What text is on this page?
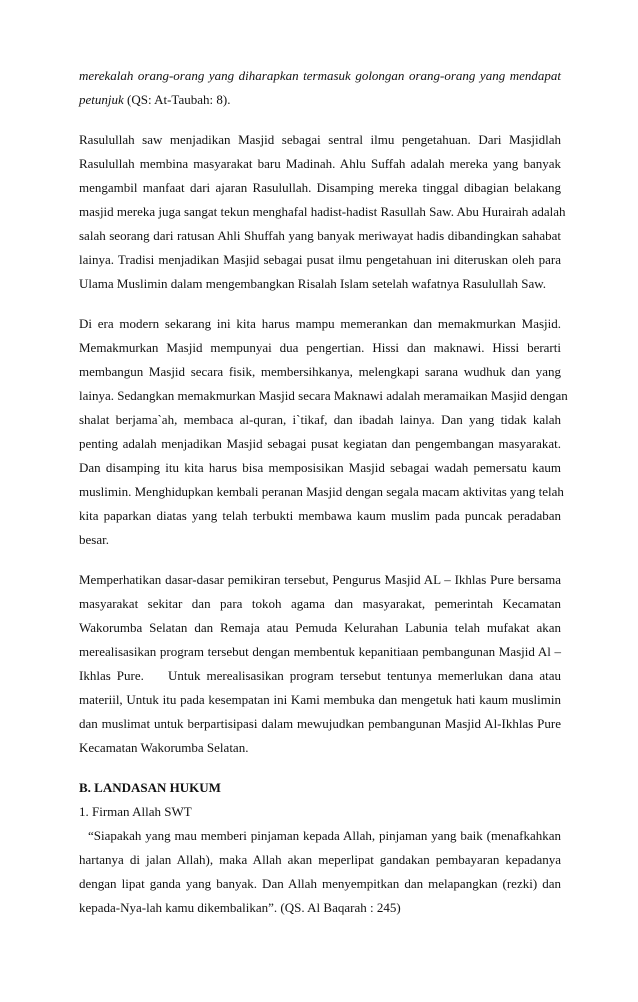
merekalah orang-orang yang diharapkan termasuk golongan orang-orang yang mendapat
petunjuk (QS: At-Taubah: 8).
Rasulullah saw menjadikan Masjid sebagai sentral ilmu pengetahuan. Dari Masjidlah
Rasulullah membina masyarakat baru Madinah. Ahlu Suffah adalah mereka yang banyak
mengambil manfaat dari ajaran Rasulullah. Disamping mereka tinggal dibagian belakang
masjid mereka juga sangat tekun menghafal hadist-hadist Rasullah Saw. Abu Hurairah adalah
salah seorang dari ratusan Ahli Shuffah yang banyak meriwayat hadis dibandingkan sahabat
lainya. Tradisi menjadikan Masjid sebagai pusat ilmu pengetahuan ini diteruskan oleh para
Ulama Muslimin dalam mengembangkan Risalah Islam setelah wafatnya Rasulullah Saw.
Di era modern sekarang ini kita harus mampu memerankan dan memakmurkan Masjid.
Memakmurkan Masjid mempunyai dua pengertian. Hissi dan maknawi. Hissi berarti
membangun Masjid secara fisik, membersihkanya, melengkapi sarana wudhuk dan yang
lainya. Sedangkan memakmurkan Masjid secara Maknawi adalah meramaikan Masjid dengan
shalat berjama`ah, membaca al-quran, i`tikaf, dan ibadah lainya. Dan yang tidak kalah
penting adalah menjadikan Masjid sebagai pusat kegiatan dan pengembangan masyarakat.
Dan disamping itu kita harus bisa memposisikan Masjid sebagai wadah pemersatu kaum
muslimin. Menghidupkan kembali peranan Masjid dengan segala macam aktivitas yang telah
kita paparkan diatas yang telah terbukti membawa kaum muslim pada puncak peradaban
besar.
Memperhatikan dasar-dasar pemikiran tersebut, Pengurus Masjid AL – Ikhlas Pure bersama
masyarakat sekitar dan para tokoh agama dan masyarakat, pemerintah Kecamatan
Wakorumba Selatan dan Remaja atau Pemuda Kelurahan Labunia telah mufakat akan
merealisasikan program tersebut dengan membentuk kepanitiaan pembangunan Masjid Al –
Ikhlas Pure.    Untuk merealisasikan program tersebut tentunya memerlukan dana atau
materiil, Untuk itu pada kesempatan ini Kami membuka dan mengetuk hati kaum muslimin
dan muslimat untuk berpartisipasi dalam mewujudkan pembangunan Masjid Al-Ikhlas Pure
Kecamatan Wakorumba Selatan.
B. LANDASAN HUKUM
1. Firman Allah SWT
“Siapakah yang mau memberi pinjaman kepada Allah, pinjaman yang baik (menafkahkan
hartanya di jalan Allah), maka Allah akan meperlipat gandakan pembayaran kepadanya
dengan lipat ganda yang banyak. Dan Allah menyempitkan dan melapangkan (rezki) dan
kepada-Nya-lah kamu dikembalikan”. (QS. Al Baqarah : 245)
